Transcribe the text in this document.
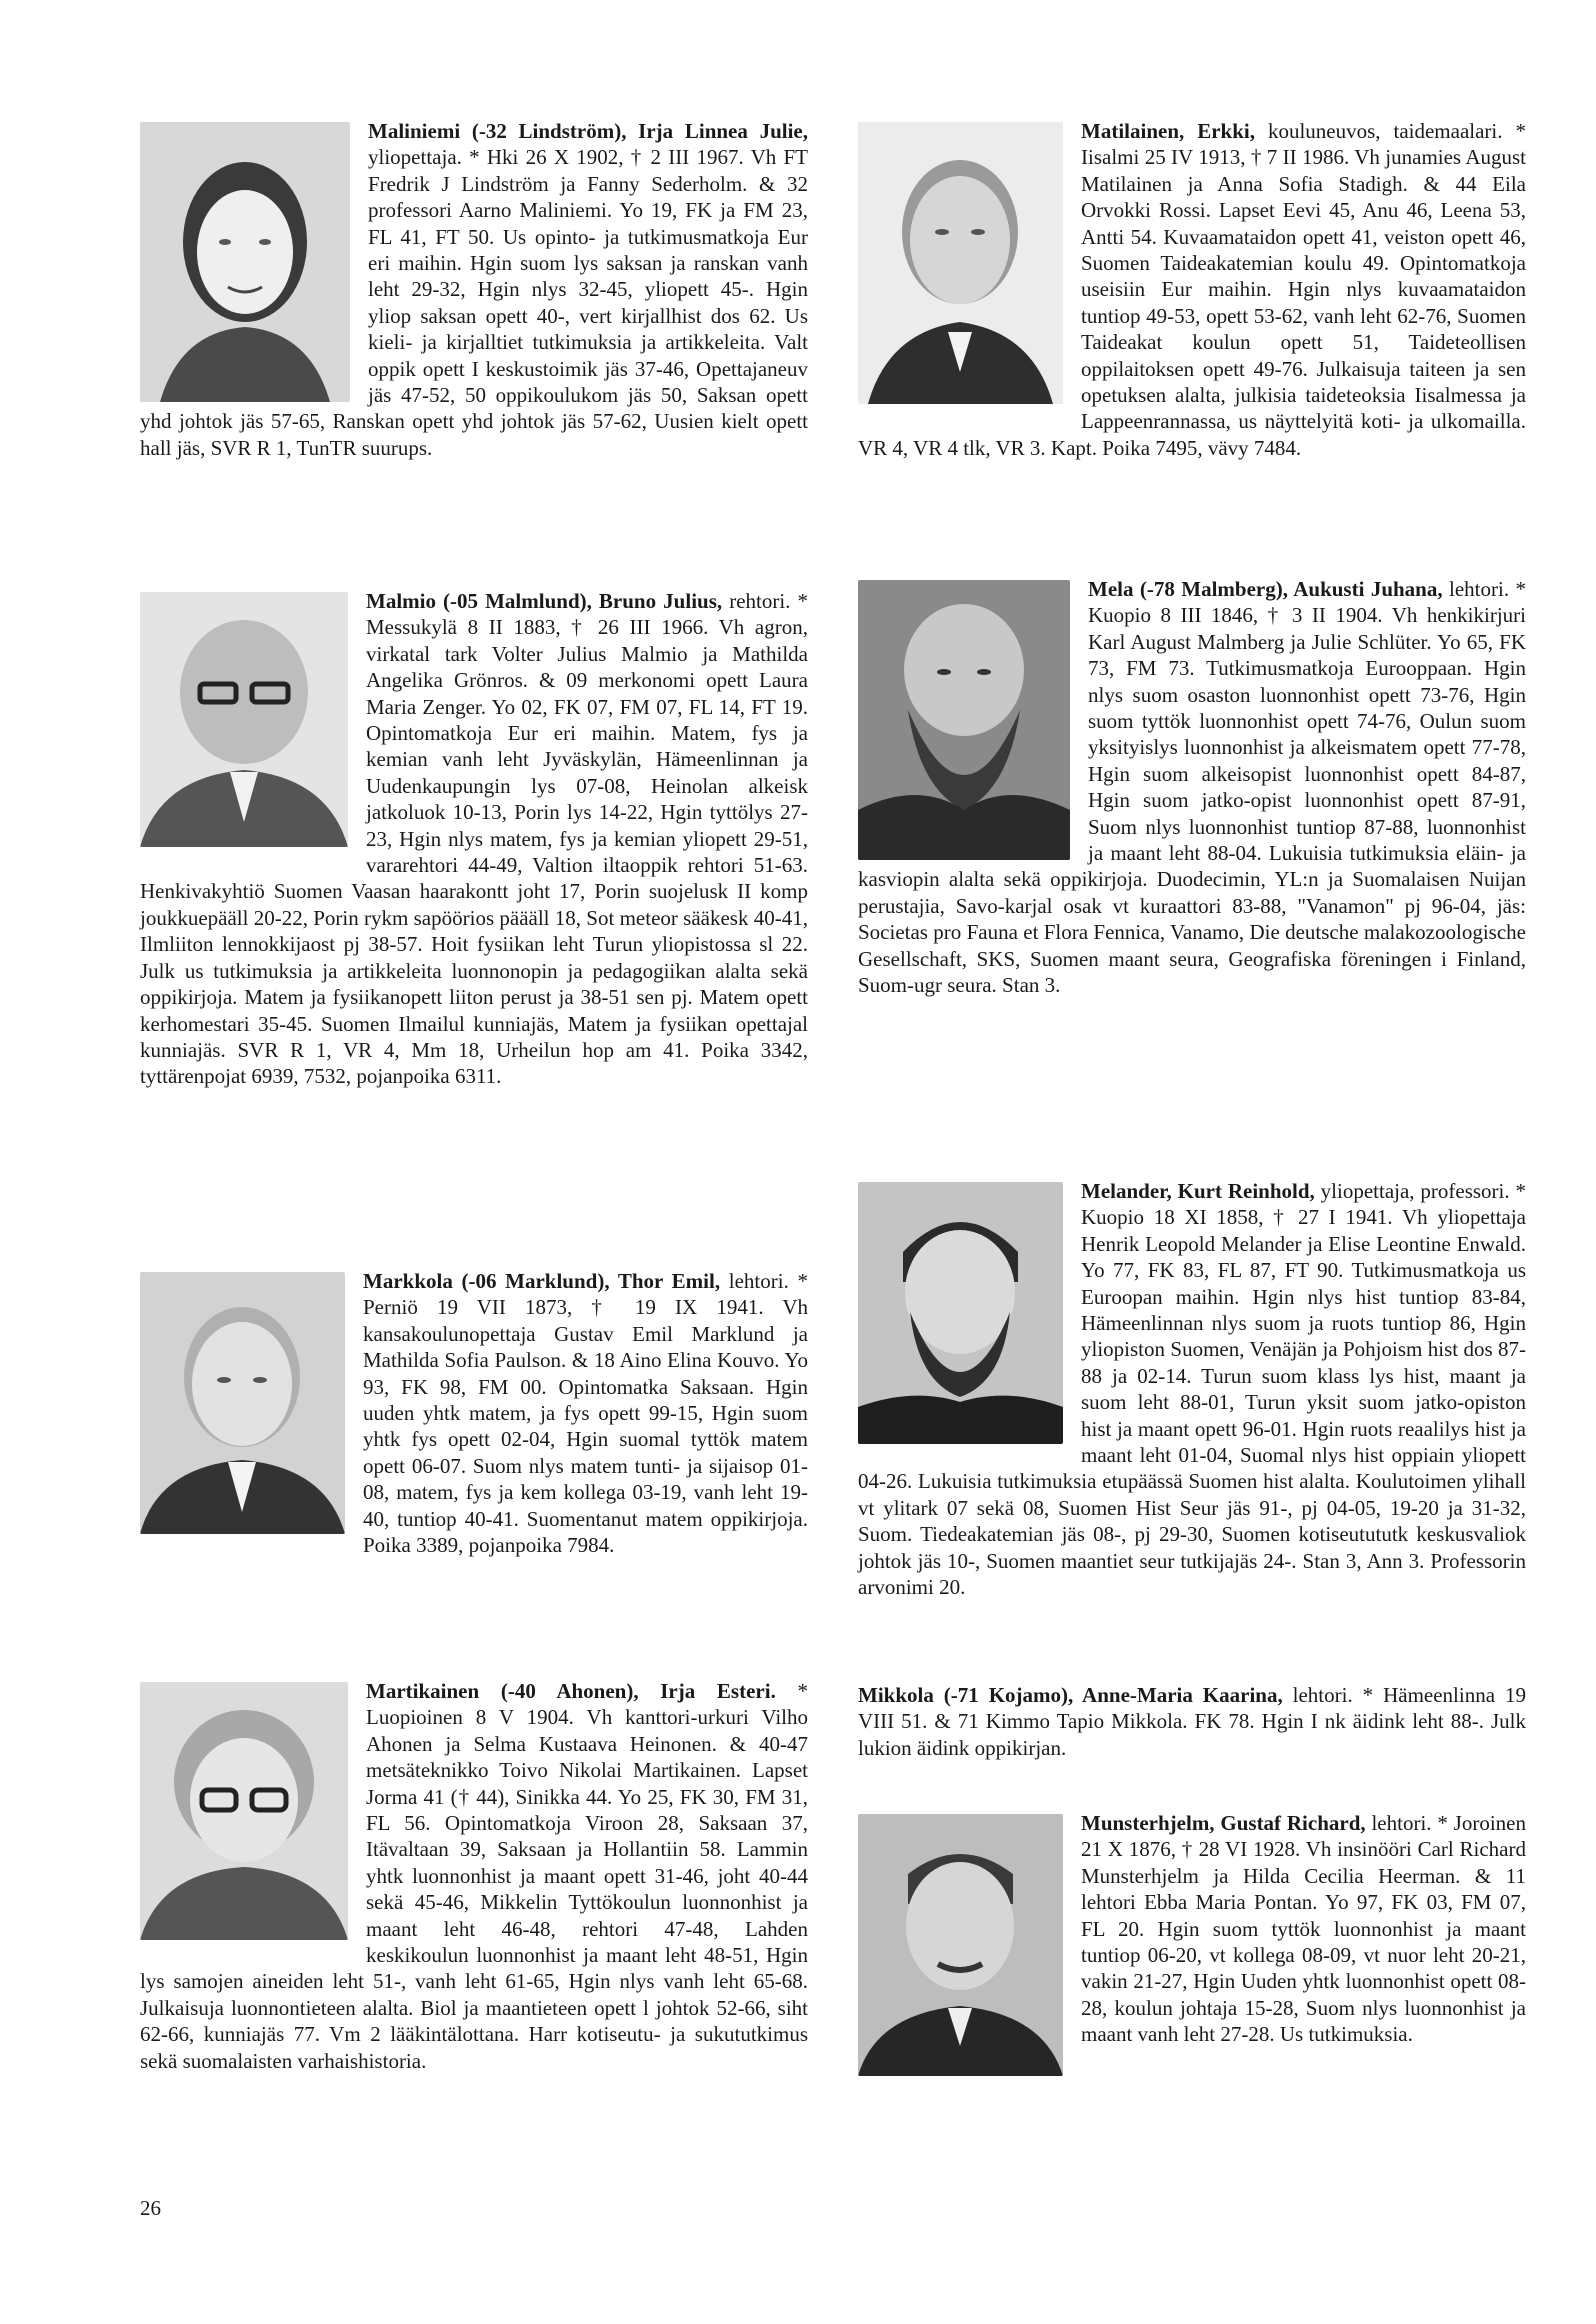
Maliniemi (-32 Lindström), Irja Linnea Julie, yliopettaja. * Hki 26 X 1902, † 2 III 1967. Vh FT Fredrik J Lindström ja Fanny Sederholm. & 32 professori Aarno Maliniemi. Yo 19, FK ja FM 23, FL 41, FT 50. Us opinto- ja tutkimusmatkoja Eur eri maihin. Hgin suom lys saksan ja ranskan vanh leht 29-32, Hgin nlys 32-45, yliopett 45-. Hgin yliop saksan opett 40-, vert kirjallhist dos 62. Us kieli- ja kirjalltiet tutkimuksia ja artikkeleita. Valt oppik opett I keskustoimik jäs 37-46, Opettajaneuv jäs 47-52, 50 oppikoulukom jäs 50, Saksan opett yhd johtok jäs 57-65, Ranskan opett yhd johtok jäs 57-62, Uusien kielt opett hall jäs, SVR R 1, TunTR suurups.
Matilainen, Erkki, kouluneuvos, taidemaalari. * Iisalmi 25 IV 1913, † 7 II 1986. Vh junamies August Matilainen ja Anna Sofia Stadigh. & 44 Eila Orvokki Rossi. Lapset Eevi 45, Anu 46, Leena 53, Antti 54. Kuvaamataidon opett 41, veiston opett 46, Suomen Taideakatemian koulu 49. Opintomatkoja useisiin Eur maihin. Hgin nlys kuvaamataidon tuntiop 49-53, opett 53-62, vanh leht 62-76, Suomen Taideakat koulun opett 51, Taideteollisen oppilaitoksen opett 49-76. Julkaisuja taiteen ja sen opetuksen alalta, julkisia taideteoksia Iisalmessa ja Lappeenrannassa, us näyttelyitä koti- ja ulkomailla. VR 4, VR 4 tlk, VR 3. Kapt. Poika 7495, vävy 7484.
Malmio (-05 Malmlund), Bruno Julius, rehtori. * Messukylä 8 II 1883, † 26 III 1966. Vh agron, virkatal tark Volter Julius Malmio ja Mathilda Angelika Grönros. & 09 merkonomi opett Laura Maria Zenger. Yo 02, FK 07, FM 07, FL 14, FT 19. Opintomatkoja Eur eri maihin. Matem, fys ja kemian vanh leht Jyväskylän, Hämeenlinnan ja Uudenkaupungin lys 07-08, Heinolan alkeisk jatkoluok 10-13, Porin lys 14-22, Hgin tyttölys 27-23, Hgin nlys matem, fys ja kemian yliopett 29-51, vararehtori 44-49, Valtion iltaoppik rehtori 51-63. Henkivakyhtiö Suomen Vaasan haarakontt joht 17, Porin suojelusk II komp joukkuepääll 20-22, Porin rykm sapöörios päääll 18, Sot meteor sääkesk 40-41, Ilmliiton lennokkijaost pj 38-57. Hoit fysiikan leht Turun yliopistossa sl 22. Julk us tutkimuksia ja artikkeleita luonnonopin ja pedagogiikan alalta sekä oppikirjoja. Matem ja fysiikanopett liiton perust ja 38-51 sen pj. Matem opett kerhomestari 35-45. Suomen Ilmailul kunniajäs, Matem ja fysiikan opettajal kunniajäs. SVR R 1, VR 4, Mm 18, Urheilun hop am 41. Poika 3342, tyttärenpojat 6939, 7532, pojanpoika 6311.
Mela (-78 Malmberg), Aukusti Juhana, lehtori. * Kuopio 8 III 1846, † 3 II 1904. Vh henkikirjuri Karl August Malmberg ja Julie Schlüter. Yo 65, FK 73, FM 73. Tutkimusmatkoja Eurooppaan. Hgin nlys suom osaston luonnonhist opett 73-76, Hgin suom tyttök luonnonhist opett 74-76, Oulun suom yksityislys luonnonhist ja alkeismatem opett 77-78, Hgin suom alkeisopist luonnonhist opett 84-87, Hgin suom jatko-opist luonnonhist opett 87-91, Suom nlys luonnonhist tuntiop 87-88, luonnonhist ja maant leht 88-04. Lukuisia tutkimuksia eläin- ja kasviopin alalta sekä oppikirjoja. Duodecimin, YL:n ja Suomalaisen Nuijan perustajia, Savo-karjal osak vt kuraattori 83-88, "Vanamon" pj 96-04, jäs: Societas pro Fauna et Flora Fennica, Vanamo, Die deutsche malakozoologische Gesellschaft, SKS, Suomen maant seura, Geografiska föreningen i Finland, Suom-ugr seura. Stan 3.
Melander, Kurt Reinhold, yliopettaja, professori. * Kuopio 18 XI 1858, † 27 I 1941. Vh yliopettaja Henrik Leopold Melander ja Elise Leontine Enwald. Yo 77, FK 83, FL 87, FT 90. Tutkimusmatkoja us Euroopan maihin. Hgin nlys hist tuntiop 83-84, Hämeenlinnan nlys suom ja ruots tuntiop 86, Hgin yliopiston Suomen, Venäjän ja Pohjoism hist dos 87-88 ja 02-14. Turun suom klass lys hist, maant ja suom leht 88-01, Turun yksit suom jatko-opiston hist ja maant opett 96-01. Hgin ruots reaalilys hist ja maant leht 01-04, Suomal nlys hist oppiain yliopett 04-26. Lukuisia tutkimuksia etupäässä Suomen hist alalta. Koulutoimen ylihall vt ylitark 07 sekä 08, Suomen Hist Seur jäs 91-, pj 04-05, 19-20 ja 31-32, Suom. Tiedeakatemian jäs 08-, pj 29-30, Suomen kotiseutututk keskusvaliok johtok jäs 10-, Suomen maantiet seur tutkijajäs 24-. Stan 3, Ann 3. Professorin arvonimi 20.
Markkola (-06 Marklund), Thor Emil, lehtori. * Perniö 19 VII 1873, † 19 IX 1941. Vh kansakoulunopettaja Gustav Emil Marklund ja Mathilda Sofia Paulson. & 18 Aino Elina Kouvo. Yo 93, FK 98, FM 00. Opintomatka Saksaan. Hgin uuden yhtk matem, ja fys opett 99-15, Hgin suom yhtk fys opett 02-04, Hgin suomal tyttök matem opett 06-07. Suom nlys matem tunti- ja sijaisop 01-08, matem, fys ja kem kollega 03-19, vanh leht 19-40, tuntiop 40-41. Suomentanut matem oppikirjoja. Poika 3389, pojanpoika 7984.
Martikainen (-40 Ahonen), Irja Esteri. * Luopioinen 8 V 1904. Vh kanttori-urkuri Vilho Ahonen ja Selma Kustaava Heinonen. & 40-47 metsäteknikko Toivo Nikolai Martikainen. Lapset Jorma 41 († 44), Sinikka 44. Yo 25, FK 30, FM 31, FL 56. Opintomatkoja Viroon 28, Saksaan 37, Itävaltaan 39, Saksaan ja Hollantiin 58. Lammin yhtk luonnonhist ja maant opett 31-46, joht 40-44 sekä 45-46, Mikkelin Tyttökoulun luonnonhist ja maant leht 46-48, rehtori 47-48, Lahden keskikoulun luonnonhist ja maant leht 48-51, Hgin lys samojen aineiden leht 51-, vanh leht 61-65, Hgin nlys vanh leht 65-68. Julkaisuja luonnontieteen alalta. Biol ja maantieteen opett l johtok 52-66, siht 62-66, kunniajäs 77. Vm 2 lääkintälottana. Harr kotiseutu- ja sukututkimus sekä suomalaisten varhaishistoria.
Mikkola (-71 Kojamo), Anne-Maria Kaarina, lehtori. * Hämeenlinna 19 VIII 51. & 71 Kimmo Tapio Mikkola. FK 78. Hgin I nk äidink leht 88-. Julk lukion äidink oppikirjan.
Munsterhjelm, Gustaf Richard, lehtori. * Joroinen 21 X 1876, † 28 VI 1928. Vh insinööri Carl Richard Munsterhjelm ja Hilda Cecilia Heerman. & 11 lehtori Ebba Maria Pontan. Yo 97, FK 03, FM 07, FL 20. Hgin suom tyttök luonnonhist ja maant tuntiop 06-20, vt kollega 08-09, vt nuor leht 20-21, vakin 21-27, Hgin Uuden yhtk luonnonhist opett 08-28, koulun johtaja 15-28, Suom nlys luonnonhist ja maant vanh leht 27-28. Us tutkimuksia.
26
